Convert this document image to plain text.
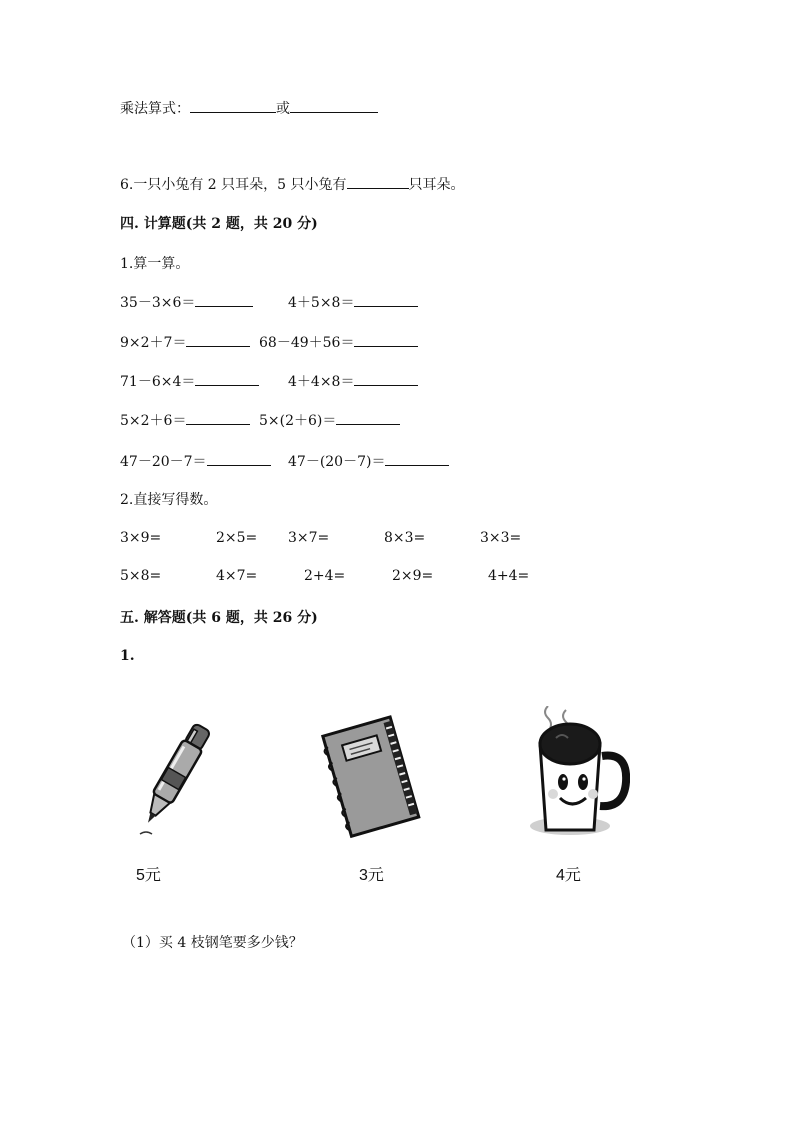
乘法算式：	或
6.一只小兔有 2 只耳朵，5 只小兔有	只耳朵。
四. 计算题(共 2 题，共 20 分)
1.算一算。
35－3×6＝	4＋5×8＝
9×2＋7＝	68－49＋56＝
71－6×4＝	4＋4×8＝
5×2＋6＝	5×(2＋6)＝
47－20－7＝	47－(20－7)＝
2.直接写得数。
3×9=	2×5= 3×7=	8×3=	3×3=
5×8=	4×7=	2+4=	2×9=	4+4=
五. 解答题(共 6 题，共 26 分)
1.
5元	3元	4元
（1）买 4 枝钢笔要多少钱？
